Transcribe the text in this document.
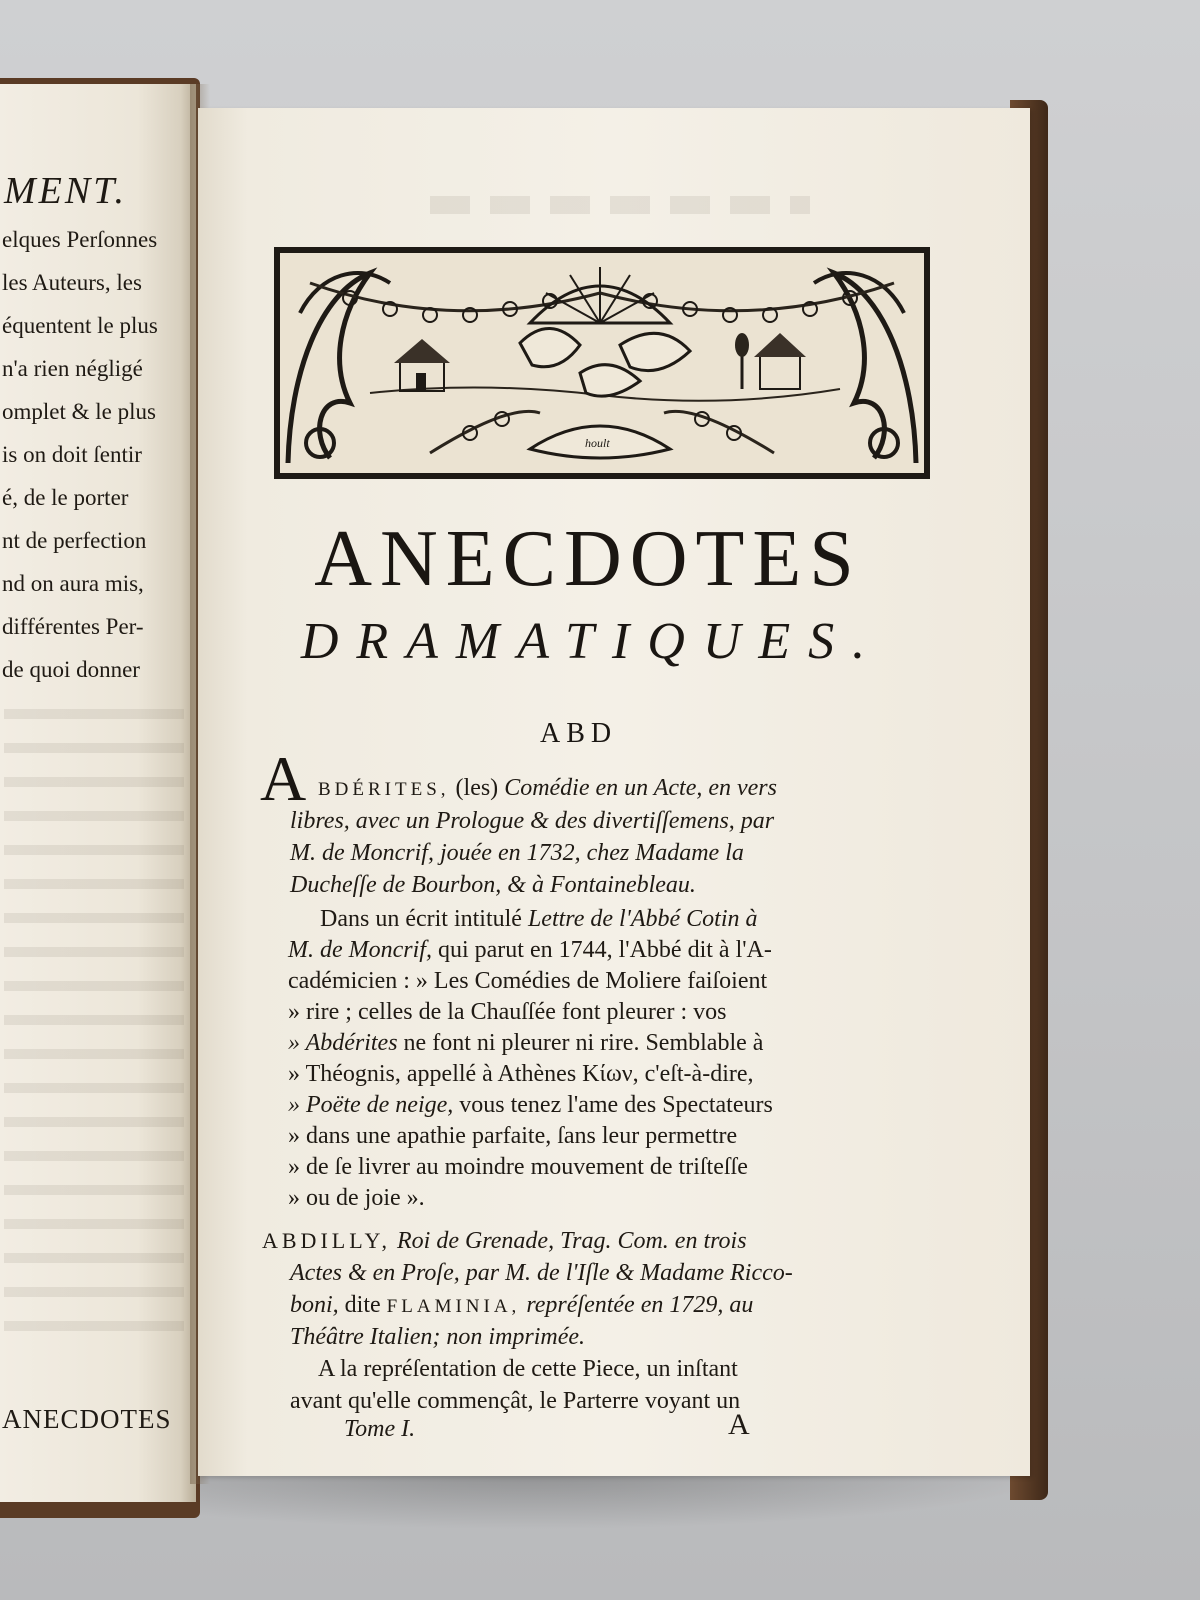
MENT.
elques Perſonnes
les Auteurs, les
équentent le plus
n'a rien négligé
omplet & le plus
is on doit ſentir
é, de le porter
nt de perfection
nd on aura mis,
différentes Per-
de quoi donner
ANECDOTES
hoult
ANECDOTES
DRAMATIQUES.
ABD
A BDÉRITES, (les) Comédie en un Acte, en vers
libres, avec un Prologue & des divertiſſemens, par
M. de Moncrif, jouée en 1732, chez Madame la
Ducheſſe de Bourbon, & à Fontainebleau.
Dans un écrit intitulé Lettre de l'Abbé Cotin à
M. de Moncrif, qui parut en 1744, l'Abbé dit à l'A-
cadémicien : » Les Comédies de Moliere faiſoient
» rire ; celles de la Chauſſée font pleurer : vos
» Abdérites ne font ni pleurer ni rire. Semblable à
» Théognis, appellé à Athènes Κίων, c'eſt-à-dire,
» Poëte de neige, vous tenez l'ame des Spectateurs
» dans une apathie parfaite, ſans leur permettre
» de ſe livrer au moindre mouvement de triſteſſe
» ou de joie ».
ABDILLY, Roi de Grenade, Trag. Com. en trois
Actes & en Proſe, par M. de l'Iſle & Madame Ricco-
boni, dite FLAMINIA, repréſentée en 1729, au
Théâtre Italien; non imprimée.
A la repréſentation de cette Piece, un inſtant
avant qu'elle commençât, le Parterre voyant un
Tome I.	A
